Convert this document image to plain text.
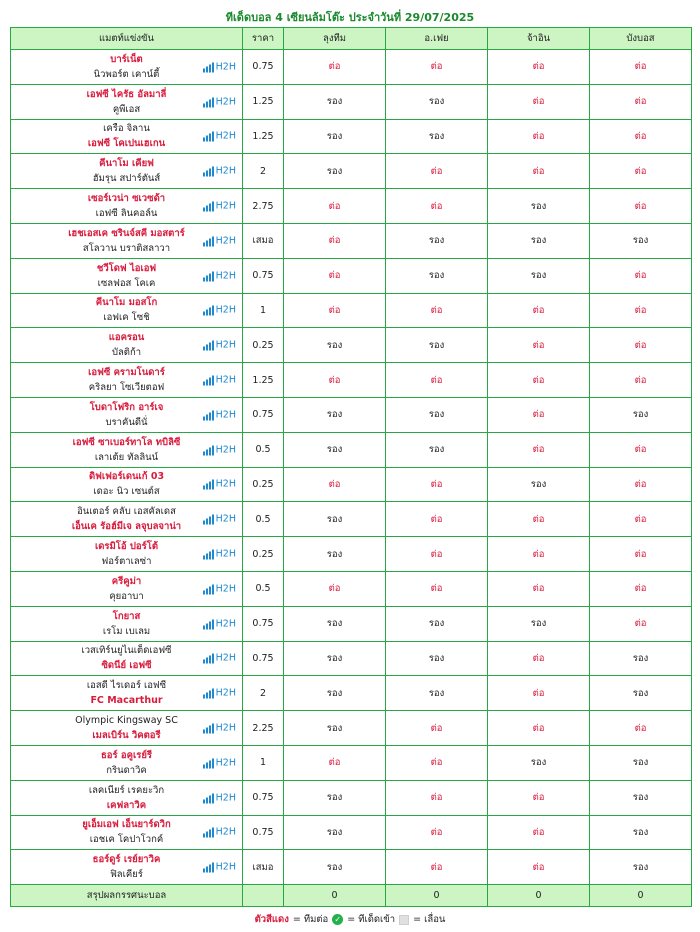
ทีเด็ดบอล 4 เซียนล้มโต๊ะ ประจำวันที่ 29/07/2025
แมตท์แข่งขัน	ราคา	ลุงทีม	อ.เฟย	จ้าอิน	บังบอส

บาร์เน็ต
นิวพอร์ต เคาน์ตี้
H2H	0.75	ต่อ	ต่อ	ต่อ	ต่อ

เอฟซี ไครัธ อัลมาลี่
คูพีเอส
H2H	1.25	รอง	รอง	ต่อ	ต่อ

เครือ จิลาน
เอฟซี โคเปนเฮเกน
H2H	1.25	รอง	รอง	ต่อ	ต่อ

คีนาโม เคียฟ
ฮัมรุน สปาร์ตันส์
H2H	2	รอง	ต่อ	ต่อ	ต่อ

เซอร์เวน่า ซเวซด้า
เอฟซี ลินคอล์น
H2H	2.75	ต่อ	ต่อ	รอง	ต่อ

เฮชเอสเค ซรินจ์สคี มอสตาร์
สโลวาน บราติสลาวา
H2H	เสมอ	ต่อ	รอง	รอง	รอง

ชวีโดฟ ไอเอฟ
เซลฟอส โคเค
H2H	0.75	ต่อ	รอง	รอง	ต่อ

คีนาโม มอสโก
เอฟเค โซชิ
H2H	1	ต่อ	ต่อ	ต่อ	ต่อ

แอครอน
บัลติก้า
H2H	0.25	รอง	รอง	ต่อ	ต่อ

เอฟซี ครามโนดาร์
คริลยา โซเวียตอฟ
H2H	1.25	ต่อ	ต่อ	ต่อ	ต่อ

โบดาโฟริก อาร์เจ
บราคันดีนั่
H2H	0.75	รอง	รอง	ต่อ	รอง

เอฟซี ซาเบอร์ทาโล ทบิลิซี
เลาเต้ย ทัลลินน์
H2H	0.5	รอง	รอง	ต่อ	ต่อ

ดิฟเฟอร์เดนเก้ 03
เดอะ นิว เซนต์ส
H2H	0.25	ต่อ	ต่อ	รอง	ต่อ

อินเตอร์ คลับ เอสคัลเดส
เอ็นเค รัอฮ์มีเจ ลจุบลจาน่า
H2H	0.5	รอง	ต่อ	ต่อ	ต่อ

เดรมิโอ้ ปอร์โต้
ฟอร์ตาเลซ่า
H2H	0.25	รอง	ต่อ	ต่อ	ต่อ

ครีคูม่า
คุยอาบา
H2H	0.5	ต่อ	ต่อ	ต่อ	ต่อ

โกยาส
เรโม เบเลม
H2H	0.75	รอง	รอง	รอง	ต่อ

เวสเทิร์นยูไนเต็ดเอฟซี
ซิดนีย์ เอฟซี
H2H	0.75	รอง	รอง	ต่อ	รอง

เอสดี ไรเดอร์ เอฟซี
FC Macarthur
H2H	2	รอง	รอง	ต่อ	รอง

Olympic Kingsway SC
เมลเบิร์น วิคตอรี
H2H	2.25	รอง	ต่อ	ต่อ	ต่อ

ธอร์ อคูเรย์รี
กรินดาวิค
H2H	1	ต่อ	ต่อ	รอง	รอง

เลคเนียร์ เรคยะวิก
เคฟลาวิค
H2H	0.75	รอง	ต่อ	ต่อ	รอง

ยูเอ็มเอฟ เอ็นยาร์ดวิก
เอชเค โคปาโวกค์
H2H	0.75	รอง	ต่อ	ต่อ	รอง

ธอร์ดูร์ เรย์ยาวิค
ฟิลเคียร์
H2H	เสมอ	รอง	ต่อ	ต่อ	รอง
สรุปผลกรรศนะบอล		0	0	0	0
ตัวสีแดง = ทีมต่อ ✓ = ทีเด็ดเข้า = เลื่อน
